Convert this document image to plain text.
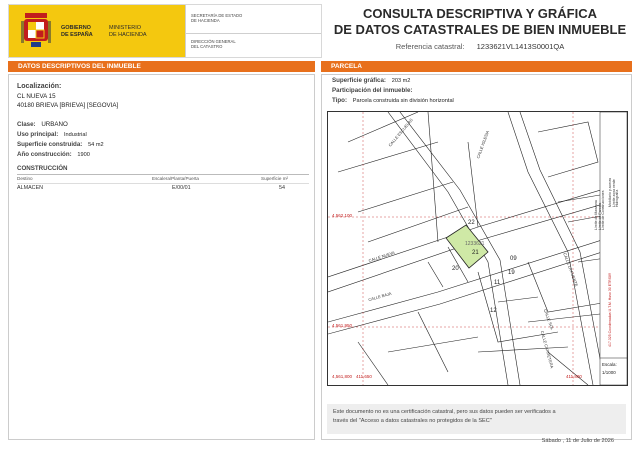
GOBIERNO
DE ESPAÑA
MINISTERIO
DE HACIENDA
SECRETARÍA DE ESTADO
DE HACIENDA
DIRECCIÓN GENERAL
DEL CATASTRO
CONSULTA DESCRIPTIVA Y GRÁFICA
DE DATOS CATASTRALES DE BIEN INMUEBLE
Referencia catastral: 1233621VL1413S0001QA
DATOS DESCRIPTIVOS DEL INMUEBLE
Localización:
CL NUEVA 15
40180 BRIEVA [BRIEVA] [SEGOVIA]
Clase: URBANO
Uso principal: Industrial
Superficie construida: 54 m2
Año construcción: 1900
CONSTRUCCIÓN
Destino	Escalera/Planta/Puerta	Superficie m²
ALMACEN	E/00/01	54
PARCELA
Superficie gráfica: 203 m2
Participación del inmueble:
Tipo: Parcela construida sin división horizontal
CALLE ESCUELAS
CALLE NUEVA
CALLE BAJA
CALLE LA FUENTE
CALLE CARRETERA
CALLE IGLESIA
CALLE SOL
22
21
20
19
11
12
09
1233621
4,562,100
4,561,950
4,561,800 411,650	411,800
Límite de Manzana Límite de Parcela Límite de Construcciones Mobiliario y aceras Límite zona verde Hidrografía
417.325 Coordenadas U.T.M. Huso 30 ETRS89
Escala:
1/1000
Este documento no es una certificación catastral, pero sus datos pueden ser verificados a
través del "Acceso a datos catastrales no protegidos de la SEC"
Sábado , 11 de Julio de 2026
